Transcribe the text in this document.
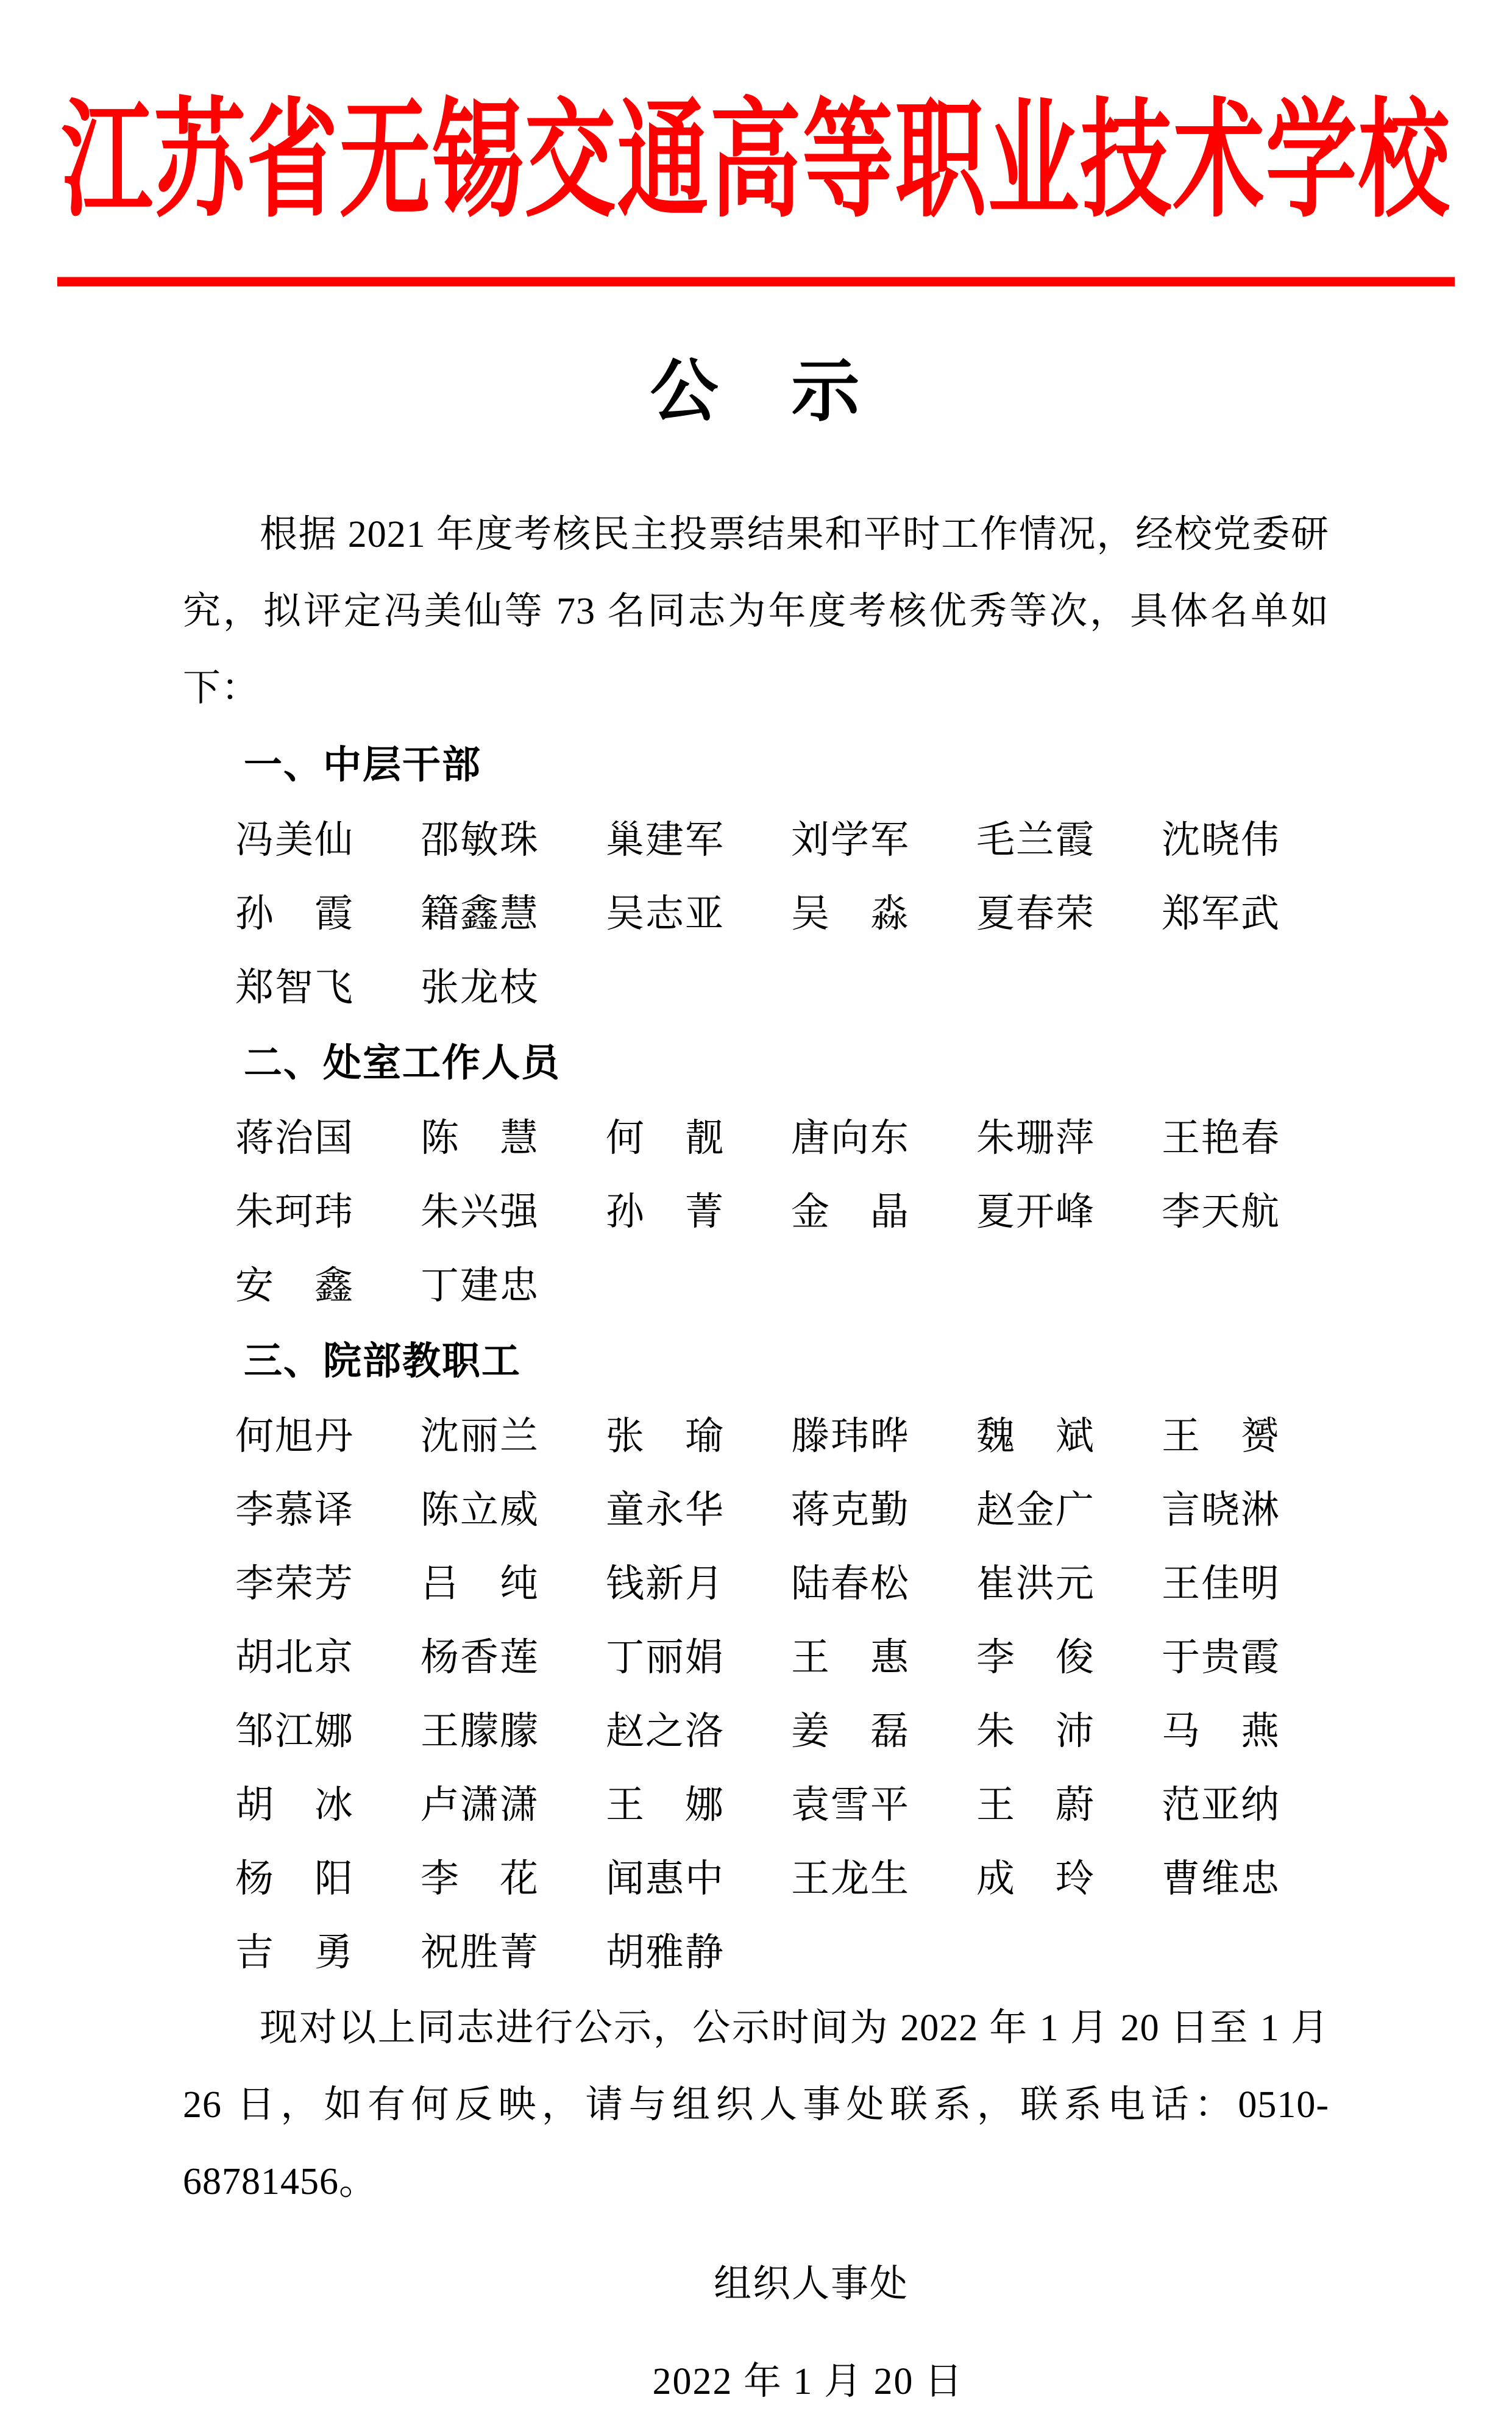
江苏省无锡交通高等职业技术学校
公　示

根据 2021 年度考核民主投票结果和平时工作情况，经校党委研究，拟评定冯美仙等 73 名同志为年度考核优秀等次，具体名单如下：

一、中层干部
冯美仙 邵敏珠 巢建军 刘学军 毛兰霞 沈晓伟
孙　霞 籍鑫慧 吴志亚 吴　淼 夏春荣 郑军武
郑智飞 张龙枝
二、处室工作人员
蒋治国 陈　慧 何　靓 唐向东 朱珊萍 王艳春
朱珂玮 朱兴强 孙　菁 金　晶 夏开峰 李天航
安　鑫 丁建忠
三、院部教职工
何旭丹 沈丽兰 张　瑜 滕玮晔 魏　斌 王　赟
李慕译 陈立威 童永华 蒋克勤 赵金广 言晓淋
李荣芳 吕　纯 钱新月 陆春松 崔洪元 王佳明
胡北京 杨香莲 丁丽娟 王　惠 李　俊 于贵霞
邹江娜 王朦朦 赵之洛 姜　磊 朱　沛 马　燕
胡　冰 卢潇潇 王　娜 袁雪平 王　蔚 范亚纳
杨　阳 李　花 闻惠中 王龙生 成　玲 曹维忠
吉　勇 祝胜菁 胡雅静

现对以上同志进行公示，公示时间为 2022 年 1 月 20 日至 1 月 26 日，如有何反映，请与组织人事处联系，联系电话：0510-68781456。

组织人事处
2022 年 1 月 20 日
